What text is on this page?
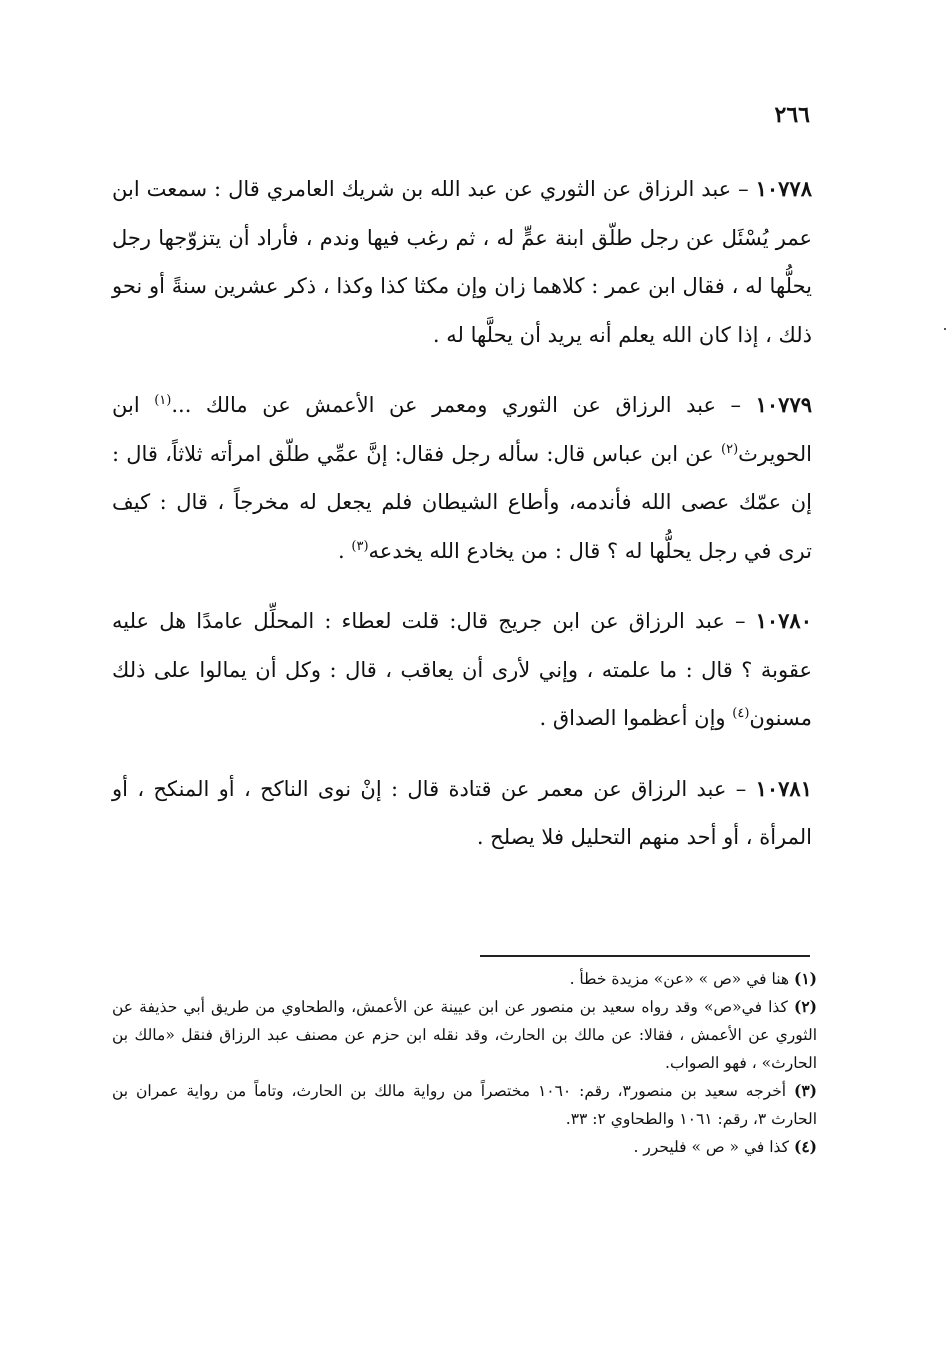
٢٦٦

١٠٧٧٨ – عبد الرزاق عن الثوري عن عبد الله بن شريك العامري قال : سمعت ابن عمر يُسْئَل عن رجل طلّق ابنة عمٍّ له ، ثم رغب فيها وندم ، فأراد أن يتزوّجها رجل يحلُّها له ، فقال ابن عمر : كلاهما زان وإن مكثا كذا وكذا ، ذكر عشرين سنةً أو نحو ذلك ، إذا كان الله يعلم أنه يريد أن يحلَّها له .

١٠٧٧٩ – عبد الرزاق عن الثوري ومعمر عن الأعمش عن مالك ...$^{(١)}$ ابن الحويرث$^{(٢)}$ عن ابن عباس قال: سأله رجل فقال: إنَّ عمِّي طلّق امرأته ثلاثاً، قال : إن عمّك عصى الله فأندمه، وأطاع الشيطان فلم يجعل له مخرجاً ، قال : كيف ترى في رجل يحلُّها له ؟ قال : من يخادع الله يخدعه$^{(٣)}$ .

١٠٧٨٠ – عبد الرزاق عن ابن جريج قال: قلت لعطاء : المحلِّل عامدًا هل عليه عقوبة ؟ قال : ما علمته ، وإني لأرى أن يعاقب ، قال : وكل أن يمالوا على ذلك مسنون$^{(٤)}$ وإن أعظموا الصداق .

١٠٧٨١ – عبد الرزاق عن معمر عن قتادة قال : إنْ نوى الناكح ، أو المنكح ، أو المرأة ، أو أحد منهم التحليل فلا يصلح .

(١) هنا في «ص » «عن» مزيدة خطأ .

(٢) كذا في«ص» وقد رواه سعيد بن منصور عن ابن عيينة عن الأعمش، والطحاوي من طريق أبي حذيفة عن الثوري عن الأعمش ، فقالا: عن مالك بن الحارث، وقد نقله ابن حزم عن مصنف عبد الرزاق فنقل «مالك بن الحارث» ، فهو الصواب.

(٣) أخرجه سعيد بن منصور٣، رقم: ١٠٦٠ مختصراً من رواية مالك بن الحارث، وتاماً من رواية عمران بن الحارث ٣، رقم: ١٠٦١ والطحاوي ٢: ٣٣.

(٤) كذا في « ص » فليحرر .
